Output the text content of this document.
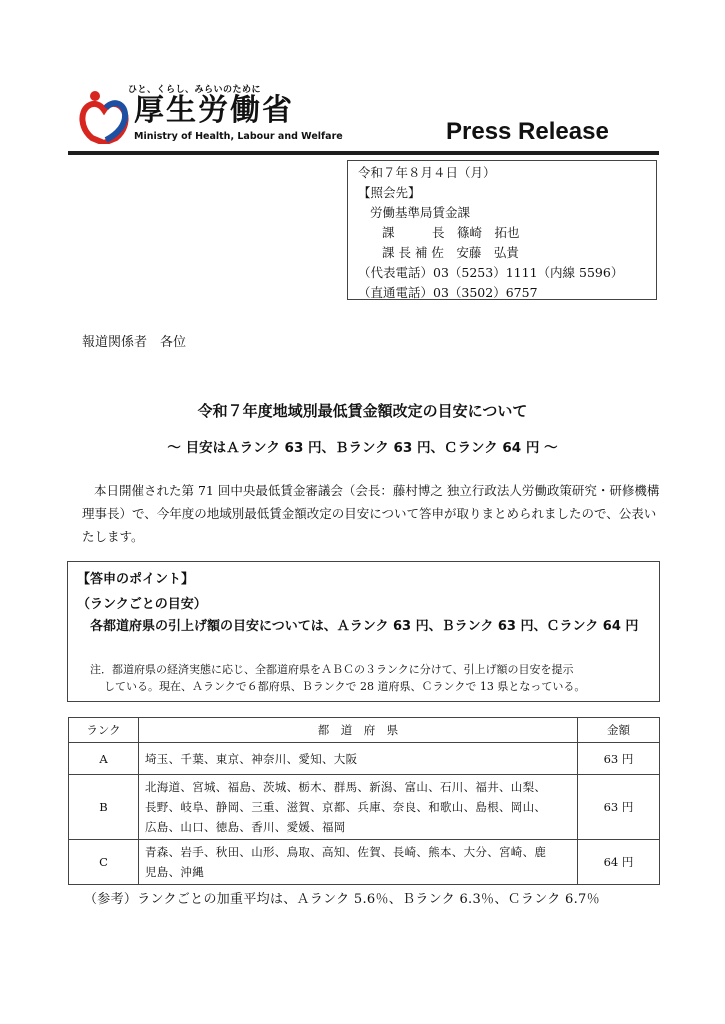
ひと、くらし、みらいのために
厚生労働省
Ministry of Health, Labour and Welfare	Press Release
令和７年８月４日（月）
【照会先】
労働基準局賃金課
課　　　長　篠崎　拓也
課 長 補 佐　安藤　弘貴
（代表電話）03（5253）1111（内線 5596）
（直通電話）03（3502）6757
報道関係者　各位
令和７年度地域別最低賃金額改定の目安について
～ 目安はＡランク 63 円、Ｂランク 63 円、Ｃランク 64 円 ～
本日開催された第 71 回中央最低賃金審議会（会長：藤村博之 独立行政法人労働政策研究・研修機構理事長）で、今年度の地域別最低賃金額改定の目安について答申が取りまとめられましたので、公表いたします。
【答申のポイント】
（ランクごとの目安）
各都道府県の引上げ額の目安については、Ａランク 63 円、Ｂランク 63 円、Ｃランク 64 円
注．都道府県の経済実態に応じ、全都道府県をＡＢＣの３ランクに分けて、引上げ額の目安を提示
している。現在、Ａランクで６都府県、Ｂランクで 28 道府県、Ｃランクで 13 県となっている。
ランク	都　道　府　県	金額
A	埼玉、千葉、東京、神奈川、愛知、大阪	63 円
B	北海道、宮城、福島、茨城、栃木、群馬、新潟、富山、石川、福井、山梨、
長野、岐阜、静岡、三重、滋賀、京都、兵庫、奈良、和歌山、島根、岡山、
広島、山口、徳島、香川、愛媛、福岡	63 円
C	青森、岩手、秋田、山形、鳥取、高知、佐賀、長崎、熊本、大分、宮崎、鹿
児島、沖縄	64 円
（参考）ランクごとの加重平均は、Ａランク 5.6％、Ｂランク 6.3％、Ｃランク 6.7％
